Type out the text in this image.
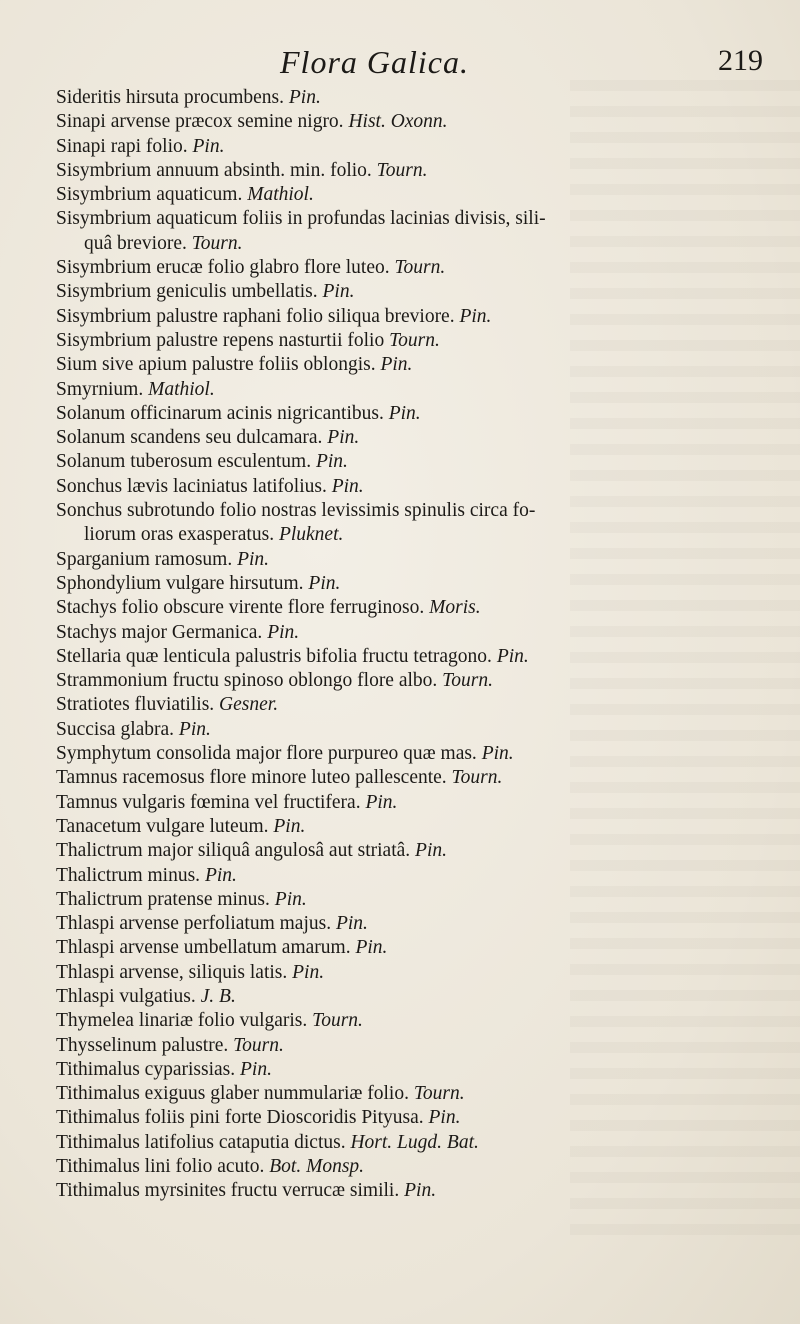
Flora Galica.	219
Sideritis hirsuta procumbens. Pin.
Sinapi arvense præcox semine nigro. Hist. Oxonn.
Sinapi rapi folio. Pin.
Sisymbrium annuum absinth. min. folio. Tourn.
Sisymbrium aquaticum. Mathiol.
Sisymbrium aquaticum foliis in profundas lacinias divisis, sili-
quâ breviore. Tourn.
Sisymbrium erucæ folio glabro flore luteo. Tourn.
Sisymbrium geniculis umbellatis. Pin.
Sisymbrium palustre raphani folio siliqua breviore. Pin.
Sisymbrium palustre repens nasturtii folio Tourn.
Sium sive apium palustre foliis oblongis. Pin.
Smyrnium. Mathiol.
Solanum officinarum acinis nigricantibus. Pin.
Solanum scandens seu dulcamara. Pin.
Solanum tuberosum esculentum. Pin.
Sonchus lævis laciniatus latifolius. Pin.
Sonchus subrotundo folio nostras levissimis spinulis circa fo-
liorum oras exasperatus. Pluknet.
Sparganium ramosum. Pin.
Sphondylium vulgare hirsutum. Pin.
Stachys folio obscure virente flore ferruginoso. Moris.
Stachys major Germanica. Pin.
Stellaria quæ lenticula palustris bifolia fructu tetragono. Pin.
Strammonium fructu spinoso oblongo flore albo. Tourn.
Stratiotes fluviatilis. Gesner.
Succisa glabra. Pin.
Symphytum consolida major flore purpureo quæ mas. Pin.
Tamnus racemosus flore minore luteo pallescente. Tourn.
Tamnus vulgaris fœmina vel fructifera. Pin.
Tanacetum vulgare luteum. Pin.
Thalictrum major siliquâ angulosâ aut striatâ. Pin.
Thalictrum minus. Pin.
Thalictrum pratense minus. Pin.
Thlaspi arvense perfoliatum majus. Pin.
Thlaspi arvense umbellatum amarum. Pin.
Thlaspi arvense, siliquis latis. Pin.
Thlaspi vulgatius. J. B.
Thymelea linariæ folio vulgaris. Tourn.
Thysselinum palustre. Tourn.
Tithimalus cyparissias. Pin.
Tithimalus exiguus glaber nummulariæ folio. Tourn.
Tithimalus foliis pini forte Dioscoridis Pityusa. Pin.
Tithimalus latifolius cataputia dictus. Hort. Lugd. Bat.
Tithimalus lini folio acuto. Bot. Monsp.
Tithimalus myrsinites fructu verrucæ simili. Pin.
